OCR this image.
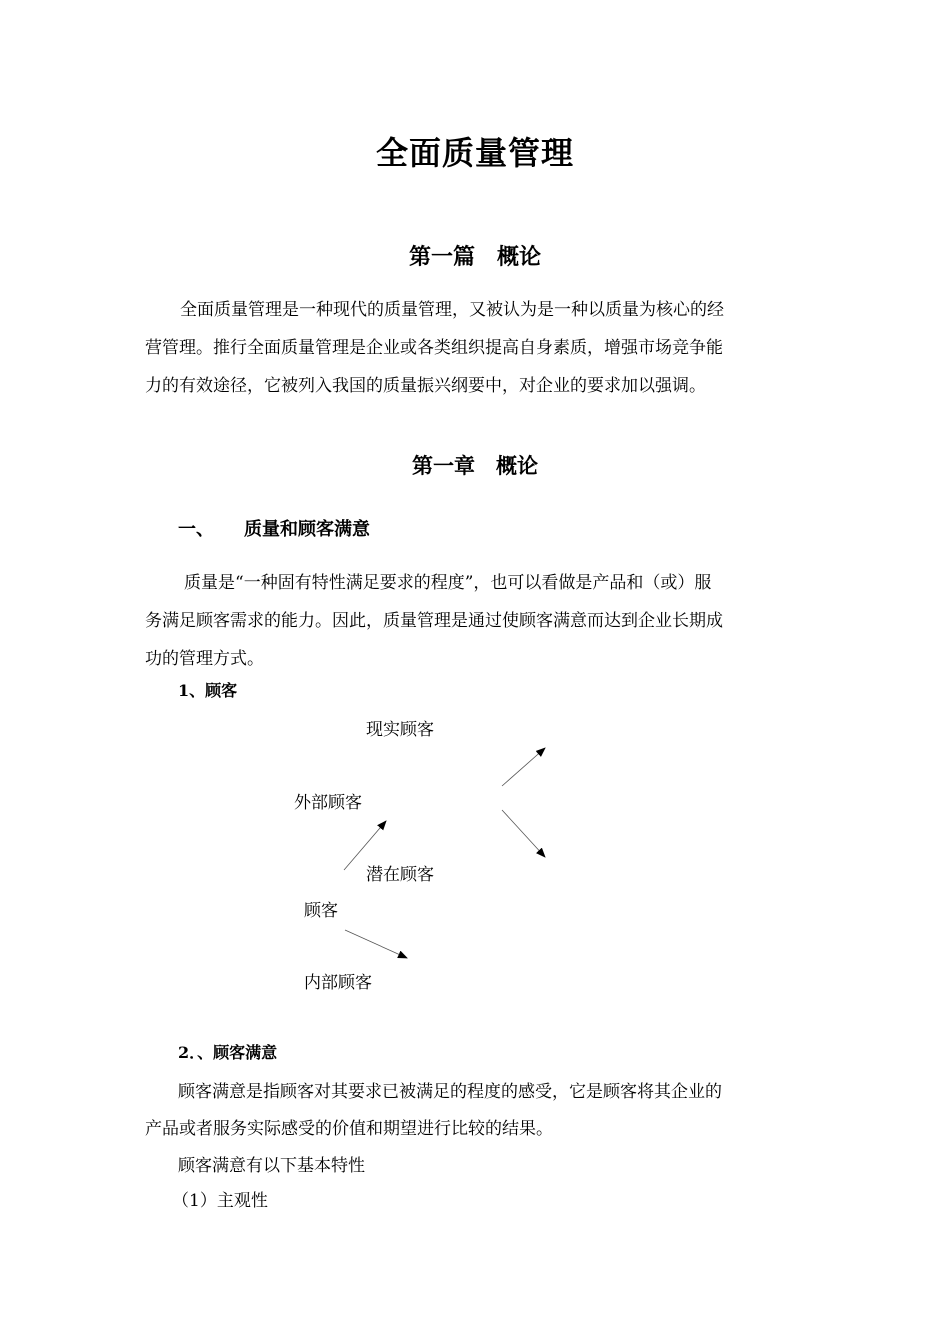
全面质量管理
第一篇　概论
全面质量管理是一种现代的质量管理，又被认为是一种以质量为核心的经
营管理。推行全面质量管理是企业或各类组织提高自身素质，增强市场竞争能
力的有效途径，它被列入我国的质量振兴纲要中，对企业的要求加以强调。
第一章　概论
一、 质量和顾客满意
质量是“一种固有特性满足要求的程度”，也可以看做是产品和（或）服
务满足顾客需求的能力。因此，质量管理是通过使顾客满意而达到企业长期成
功的管理方式。
1、顾客
现实顾客
外部顾客
潜在顾客
顾客
内部顾客
2．、顾客满意
顾客满意是指顾客对其要求已被满足的程度的感受，它是顾客将其企业的
产品或者服务实际感受的价值和期望进行比较的结果。
顾客满意有以下基本特性
（1）主观性
